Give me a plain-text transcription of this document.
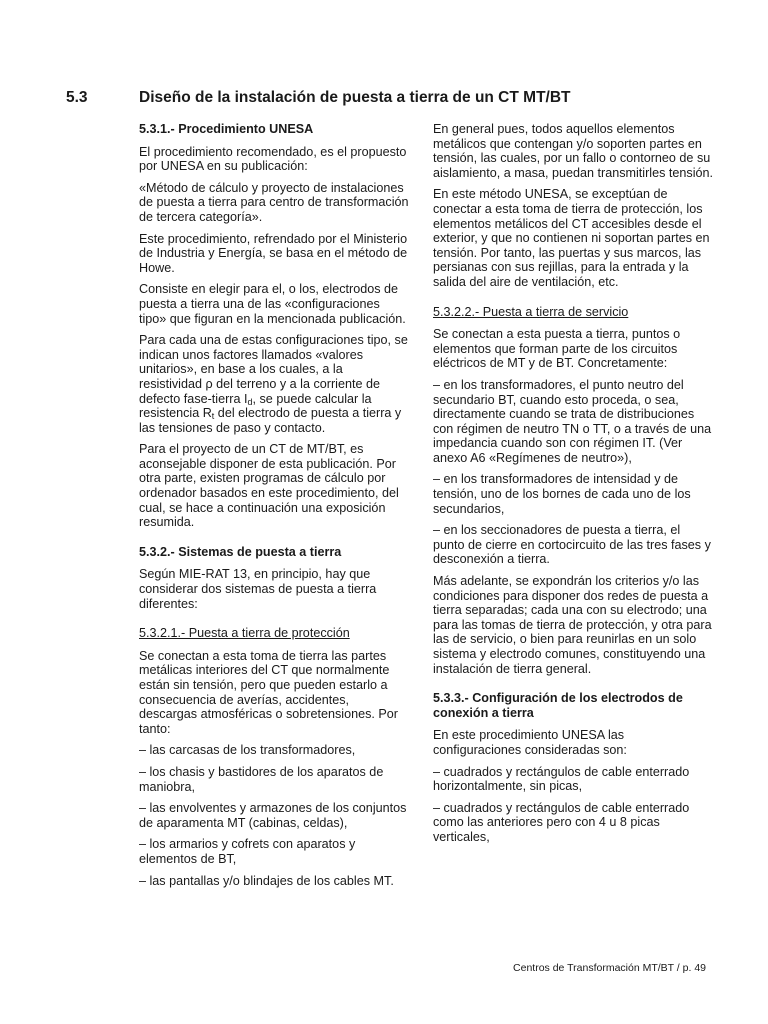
5.3	Diseño de la instalación de puesta a tierra de un CT MT/BT
5.3.1.- Procedimiento UNESA

El procedimiento recomendado, es el propuesto por UNESA en su publicación:

«Método de cálculo y proyecto de instalaciones de puesta a tierra para centro de transformación de tercera categoría».

Este procedimiento, refrendado por el Ministerio de Industria y Energía, se basa en el método de Howe.

Consiste en elegir para el, o los, electrodos de puesta a tierra una de las «configuraciones tipo» que figuran en la mencionada publicación.

Para cada una de estas configuraciones tipo, se indican unos factores llamados «valores unitarios», en base a los cuales, a la resistividad ρ del terreno y a la corriente de defecto fase-tierra $I_d$, se puede calcular la resistencia $R_t$ del electrodo de puesta a tierra y las tensiones de paso y contacto.

Para el proyecto de un CT de MT/BT, es aconsejable disponer de esta publicación. Por otra parte, existen programas de cálculo por ordenador basados en este procedimiento, del cual, se hace a continuación una exposición resumida.

5.3.2.- Sistemas de puesta a tierra

Según MIE-RAT 13, en principio, hay que considerar dos sistemas de puesta a tierra diferentes:

5.3.2.1.- Puesta a tierra de protección

Se conectan a esta toma de tierra las partes metálicas interiores del CT que normalmente están sin tensión, pero que pueden estarlo a consecuencia de averías, accidentes, descargas atmosféricas o sobretensiones. Por tanto:

– las carcasas de los transformadores,

– los chasis y bastidores de los aparatos de maniobra,

– las envolventes y armazones de los conjuntos de aparamenta MT (cabinas, celdas),

– los armarios y cofrets con aparatos y elementos de BT,

– las pantallas y/o blindajes de los cables MT.

En general pues, todos aquellos elementos metálicos que contengan y/o soporten partes en tensión, las cuales, por un fallo o contorneo de su aislamiento, a masa, puedan transmitirles tensión.

En este método UNESA, se exceptúan de conectar a esta toma de tierra de protección, los elementos metálicos del CT accesibles desde el exterior, y que no contienen ni soportan partes en tensión. Por tanto, las puertas y sus marcos, las persianas con sus rejillas, para la entrada y la salida del aire de ventilación, etc.

5.3.2.2.- Puesta a tierra de servicio

Se conectan a esta puesta a tierra, puntos o elementos que forman parte de los circuitos eléctricos de MT y de BT. Concretamente:

– en los transformadores, el punto neutro del secundario BT, cuando esto proceda, o sea, directamente cuando se trata de distribuciones con régimen de neutro TN o TT, o a través de una impedancia cuando son con régimen IT. (Ver anexo A6 «Regímenes de neutro»),

– en los transformadores de intensidad y de tensión, uno de los bornes de cada uno de los secundarios,

– en los seccionadores de puesta a tierra, el punto de cierre en cortocircuito de las tres fases y desconexión a tierra.

Más adelante, se expondrán los criterios y/o las condiciones para disponer dos redes de puesta a tierra separadas; cada una con su electrodo; una para las tomas de tierra de protección, y otra para las de servicio, o bien para reunirlas en un solo sistema y electrodo comunes, constituyendo una instalación de tierra general.

5.3.3.- Configuración de los electrodos de conexión a tierra

En este procedimiento UNESA las configuraciones consideradas son:

– cuadrados y rectángulos de cable enterrado horizontalmente, sin picas,

– cuadrados y rectángulos de cable enterrado como las anteriores pero con 4 u 8 picas verticales,

Centros de Transformación MT/BT / p. 49
